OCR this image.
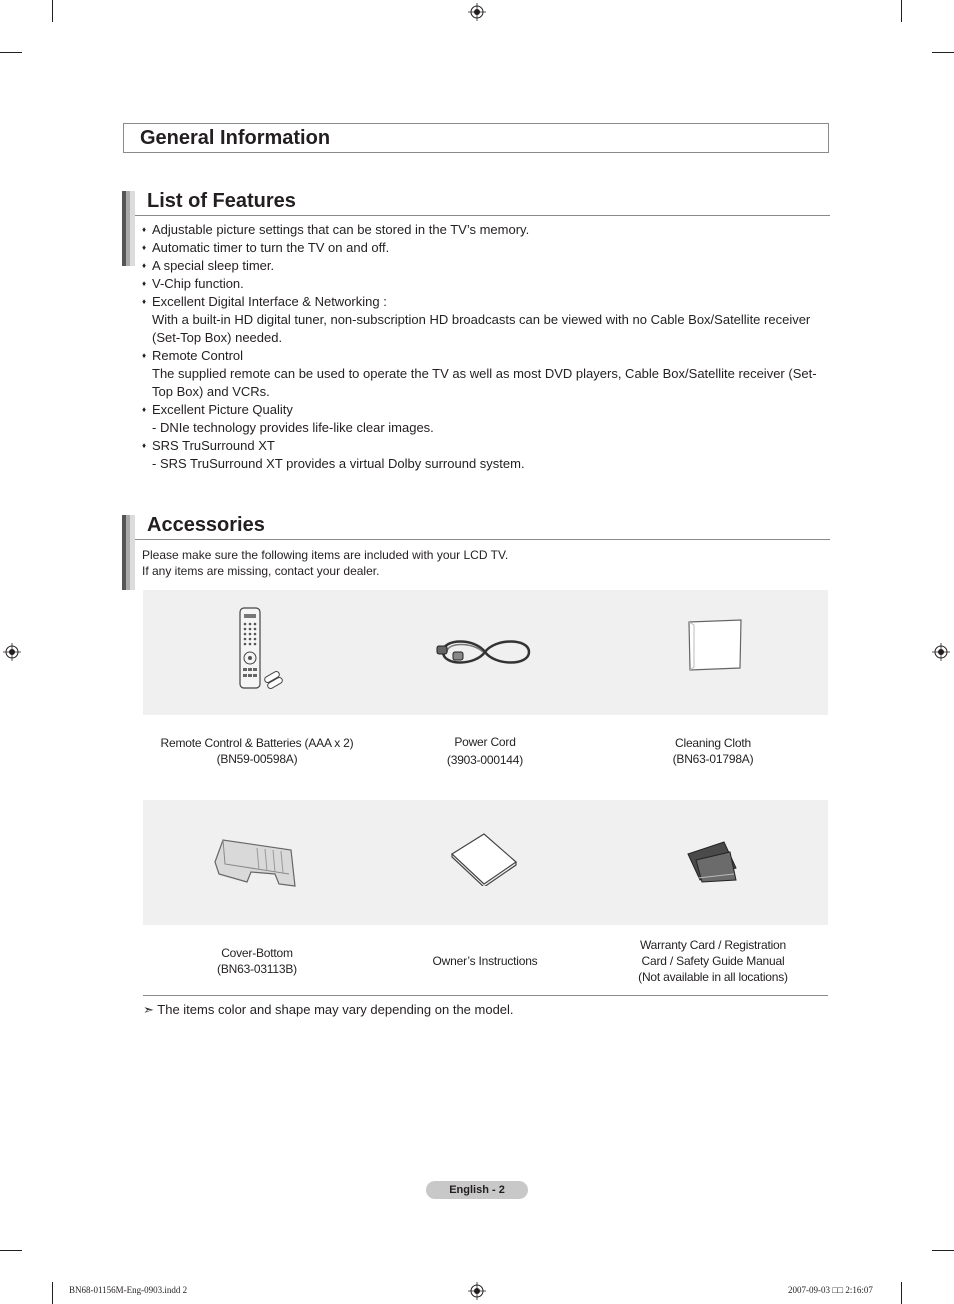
General Information
List of Features
♦ Adjustable picture settings that can be stored in the TV’s memory.
♦ Automatic timer to turn the TV on and off.
♦ A special sleep timer.
♦ V-Chip function.
♦ Excellent Digital Interface & Networking :
With a built-in HD digital tuner, non-subscription HD broadcasts can be viewed with no Cable Box/Satellite receiver (Set-Top Box) needed.
♦ Remote Control
The supplied remote can be used to operate the TV as well as most DVD players, Cable Box/Satellite receiver (Set-Top Box) and VCRs.
♦ Excellent Picture Quality
- DNIe technology provides life-like clear images.
♦ SRS TruSurround XT
- SRS TruSurround XT provides a virtual Dolby surround system.
Accessories
Please make sure the following items are included with your LCD TV.
If any items are missing, contact your dealer.
Remote Control & Batteries (AAA x 2)
(BN59-00598A)
Power Cord
(3903-000144)
Cleaning Cloth
(BN63-01798A)
Cover-Bottom
(BN63-03113B)
Owner’s Instructions
Warranty Card / Registration
Card / Safety Guide Manual
(Not available in all locations)
➣ The items color and shape may vary depending on the model.
English - 2
BN68-01156M-Eng-0903.indd 2	2007-09-03 □□ 2:16:07
